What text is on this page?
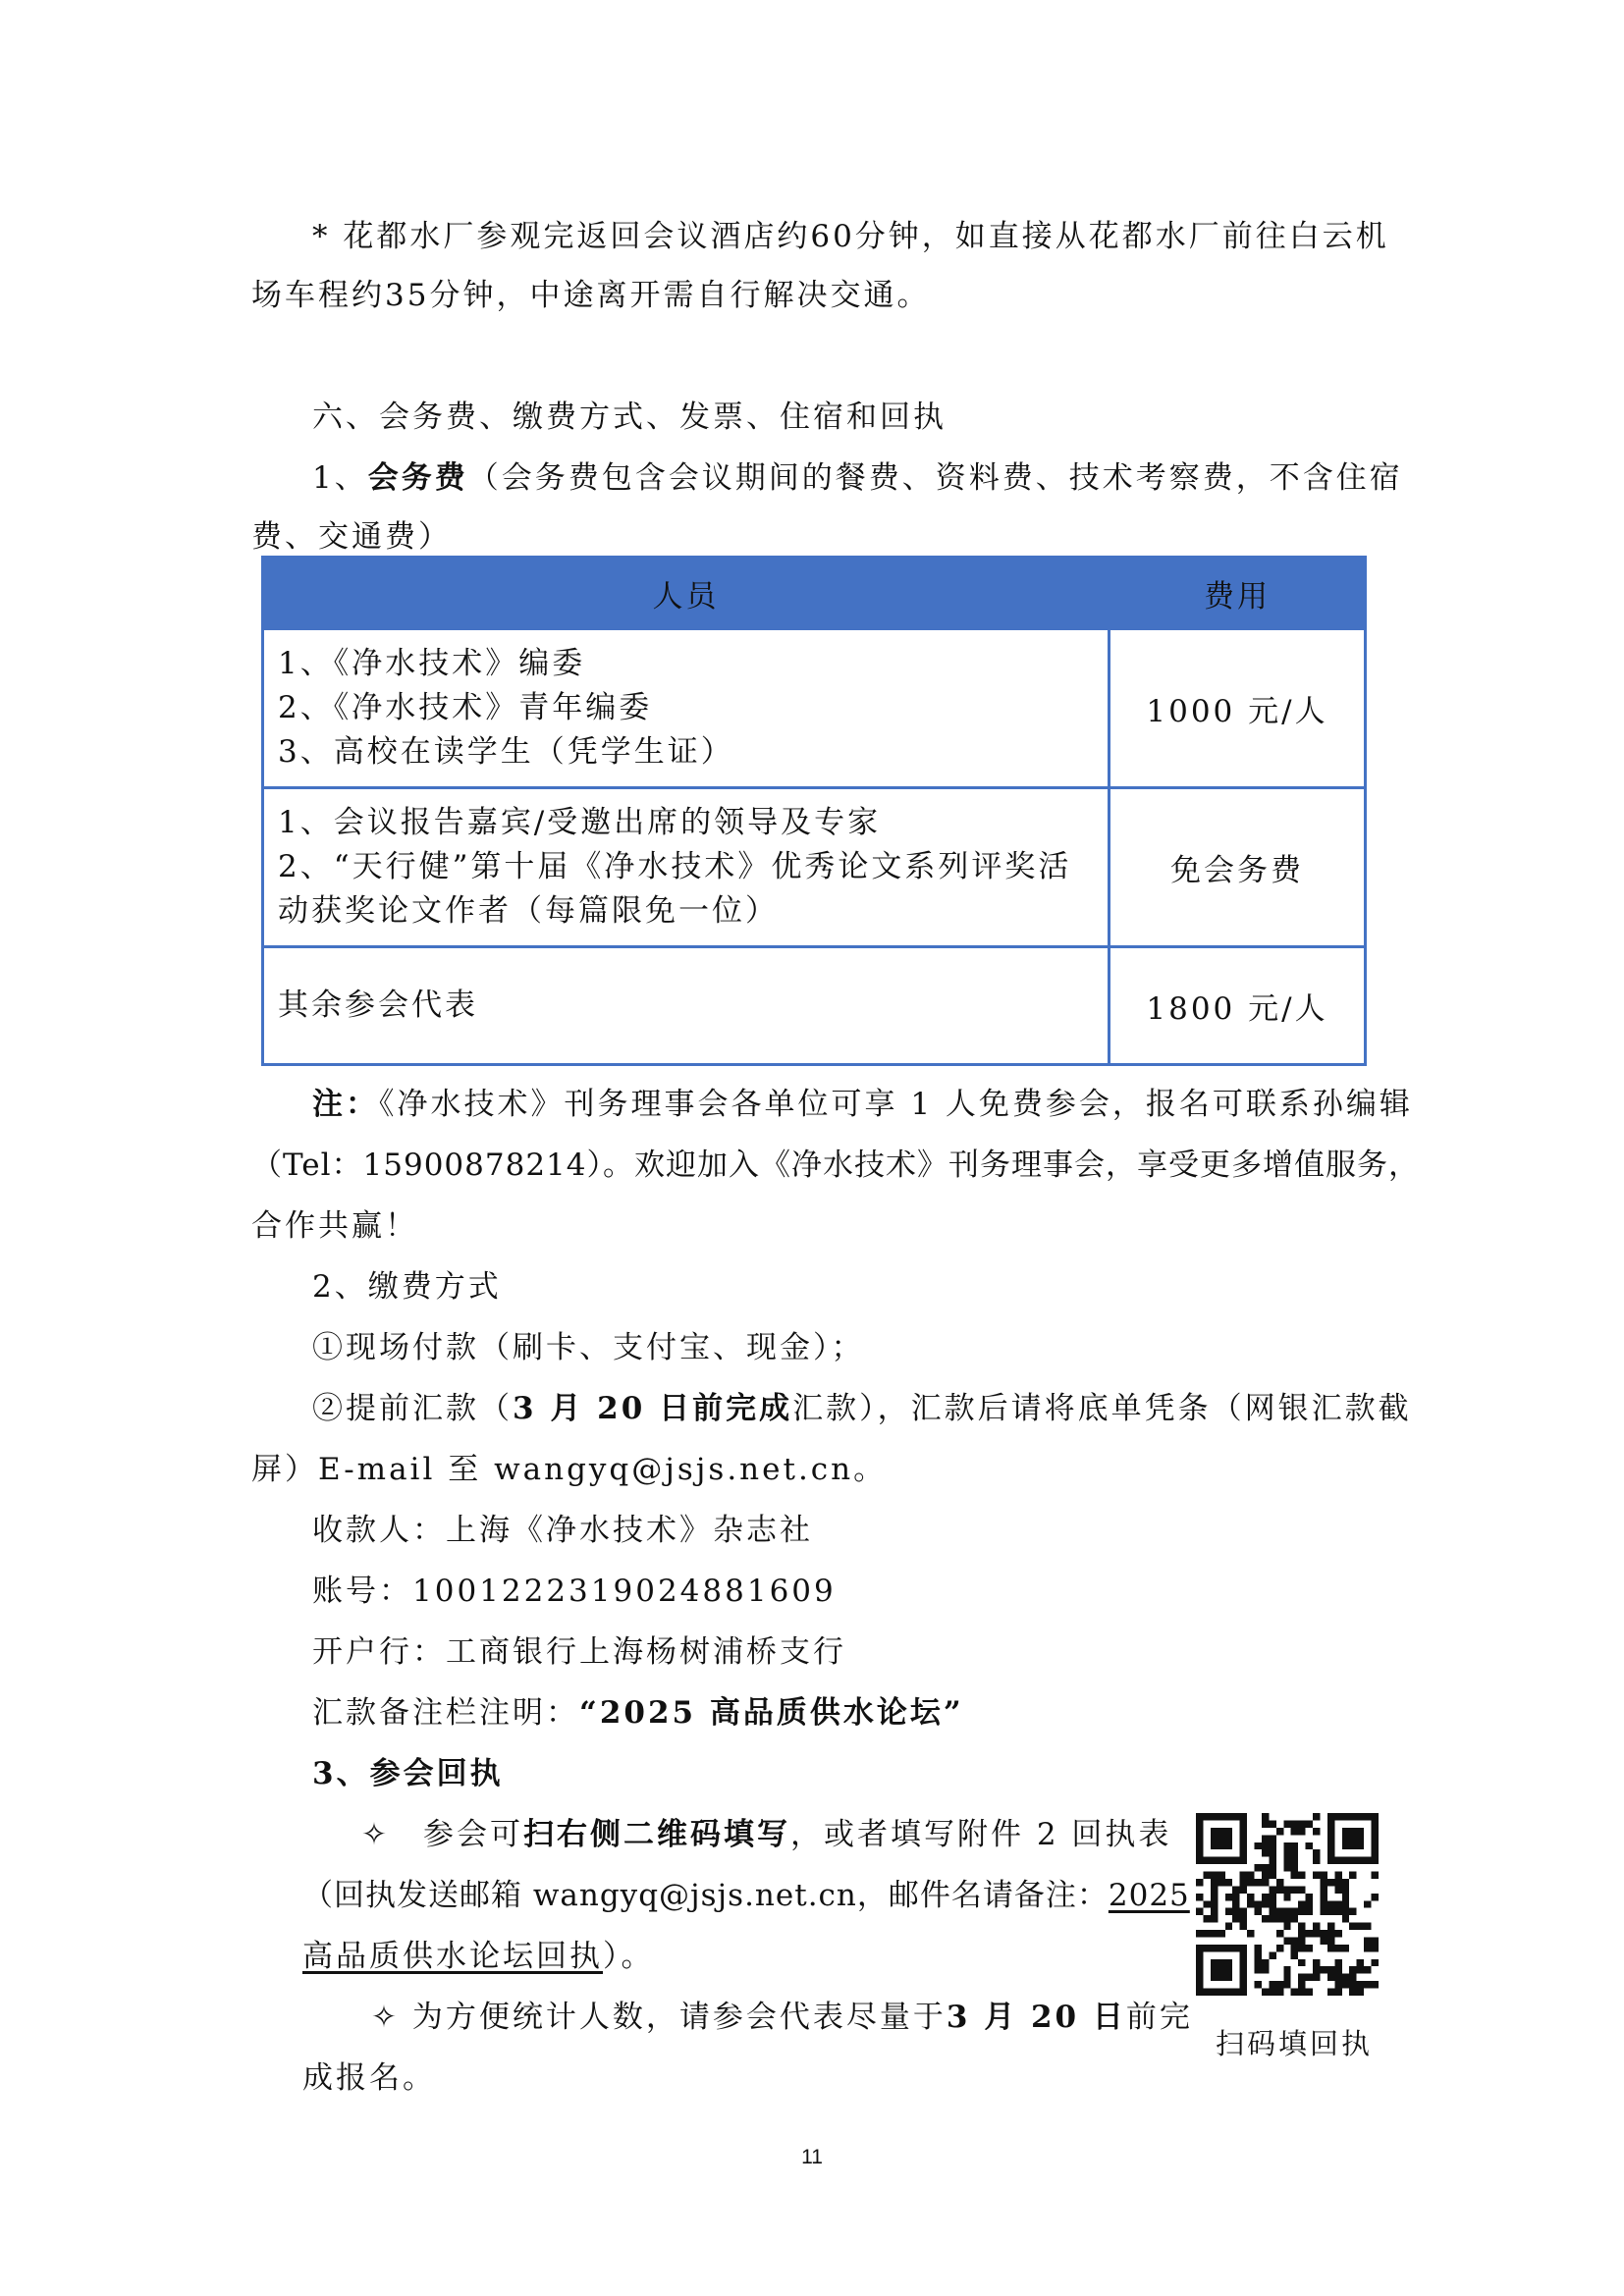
* 花都水厂参观完返回会议酒店约60分钟，如直接从花都水厂前往白云机
场车程约35分钟，中途离开需自行解决交通。
六、会务费、缴费方式、发票、住宿和回执
1、会务费（会务费包含会议期间的餐费、资料费、技术考察费，不含住宿
费、交通费）
人员	费用

1、《净水技术》编委
2、《净水技术》青年编委
3、高校在读学生（凭学生证）	1000 元/人

1、会议报告嘉宾/受邀出席的领导及专家
2、“天行健”第十届《净水技术》优秀论文系列评奖活
动获奖论文作者（每篇限免一位）	免会务费

其余参会代表	1800 元/人
注：《净水技术》刊务理事会各单位可享 1 人免费参会，报名可联系孙编辑
（Tel：15900878214）。欢迎加入《净水技术》刊务理事会，享受更多增值服务，
合作共赢！
2、缴费方式
①现场付款（刷卡、支付宝、现金）；
②提前汇款（3 月 20 日前完成汇款），汇款后请将底单凭条（网银汇款截
屏）E-mail 至 wangyq@jsjs.net.cn。
收款人：上海《净水技术》杂志社
账号：1001222319024881609
开户行：工商银行上海杨树浦桥支行
汇款备注栏注明：“2025 高品质供水论坛”
3、参会回执
✧　参会可扫右侧二维码填写，或者填写附件 2 回执表
（回执发送邮箱 wangyq@jsjs.net.cn，邮件名请备注：2025
高品质供水论坛回执）。
✧ 为方便统计人数，请参会代表尽量于3 月 20 日前完
成报名。
扫码填回执
11
